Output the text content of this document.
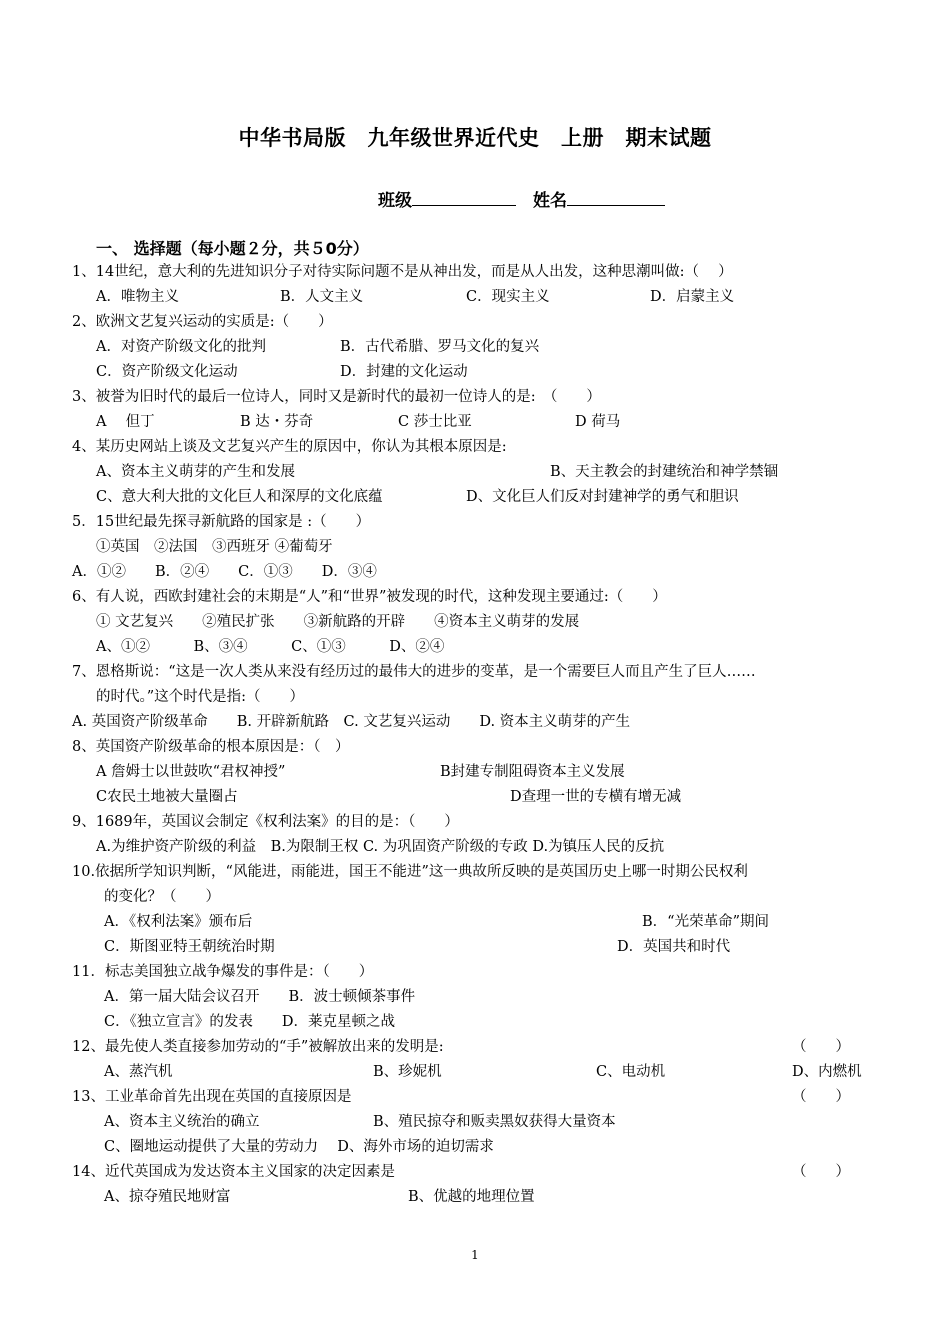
中华书局版　九年级世界近代史　上册　期末试题
班级　	姓名
一、 选择题（每小题２分，共５0分）
1、14世纪，意大利的先进知识分子对待实际问题不是从神出发，而是从人出发，这种思潮叫做:（　 ）
A．唯物主义	B．人文主义	C．现实主义	D．启蒙主义
2、欧洲文艺复兴运动的实质是:（　　）
A．对资产阶级文化的批判	B．古代希腊、罗马文化的复兴
C．资产阶级文化运动	D．封建的文化运动
3、被誉为旧时代的最后一位诗人，同时又是新时代的最初一位诗人的是:　（　　）
A　 但丁	B 达・芬奇	C 莎士比亚	D 荷马
4、某历史网站上谈及文艺复兴产生的原因中，你认为其根本原因是:
A、资本主义萌芽的产生和发展	B、天主教会的封建统治和神学禁锢
C、意大利大批的文化巨人和深厚的文化底蕴	D、文化巨人们反对封建神学的勇气和胆识
5．15世纪最先探寻新航路的国家是 :（　　）
①英国　②法国　③西班牙 ④葡萄牙
A．①②　　B．②④　　C．①③　　D．③④
6、有人说，西欧封建社会的末期是“人”和“世界”被发现的时代，这种发现主要通过:（　　）
① 文艺复兴　　②殖民扩张　　③新航路的开辟　　④资本主义萌芽的发展
A、①②　　　B、③④　　　C、①③　　　D、②④
7、恩格斯说：“这是一次人类从来没有经历过的最伟大的进步的变革，是一个需要巨人而且产生了巨人……
的时代。”这个时代是指:（　　）
A. 英国资产阶级革命　　B. 开辟新航路　C. 文艺复兴运动　　D. 资本主义萌芽的产生
8、英国资产阶级革命的根本原因是：（　）
A 詹姆士以世鼓吹“君权神授”	B封建专制阻碍资本主义发展
C农民土地被大量圈占	D查理一世的专横有增无减
9、1689年，英国议会制定《权利法案》的目的是：（　　）
A.为维护资产阶级的利益　B.为限制王权 C. 为巩固资产阶级的专政 D.为镇压人民的反抗
10.依据所学知识判断，“风能进，雨能进，国王不能进”这一典故所反映的是英国历史上哪一时期公民权利
的变化？（　　）
A．《权利法案》颁布后	B．“光荣革命”期间
C．斯图亚特王朝统治时期	D．英国共和时代
11．标志美国独立战争爆发的事件是：（　　）
A．第一届大陆会议召开　　B．波士顿倾茶事件
C．《独立宣言》的发表　　D．莱克星顿之战
12、最先使人类直接参加劳动的“手”被解放出来的发明是:	（　　）
A、蒸汽机	B、珍妮机	C、电动机	D、内燃机
13、工业革命首先出现在英国的直接原因是	（　　）
A、资本主义统治的确立	B、殖民掠夺和贩卖黑奴获得大量资本
C、圈地运动提供了大量的劳动力　 D、海外市场的迫切需求
14、近代英国成为发达资本主义国家的决定因素是	（　　）
A、掠夺殖民地财富	B、优越的地理位置
1
